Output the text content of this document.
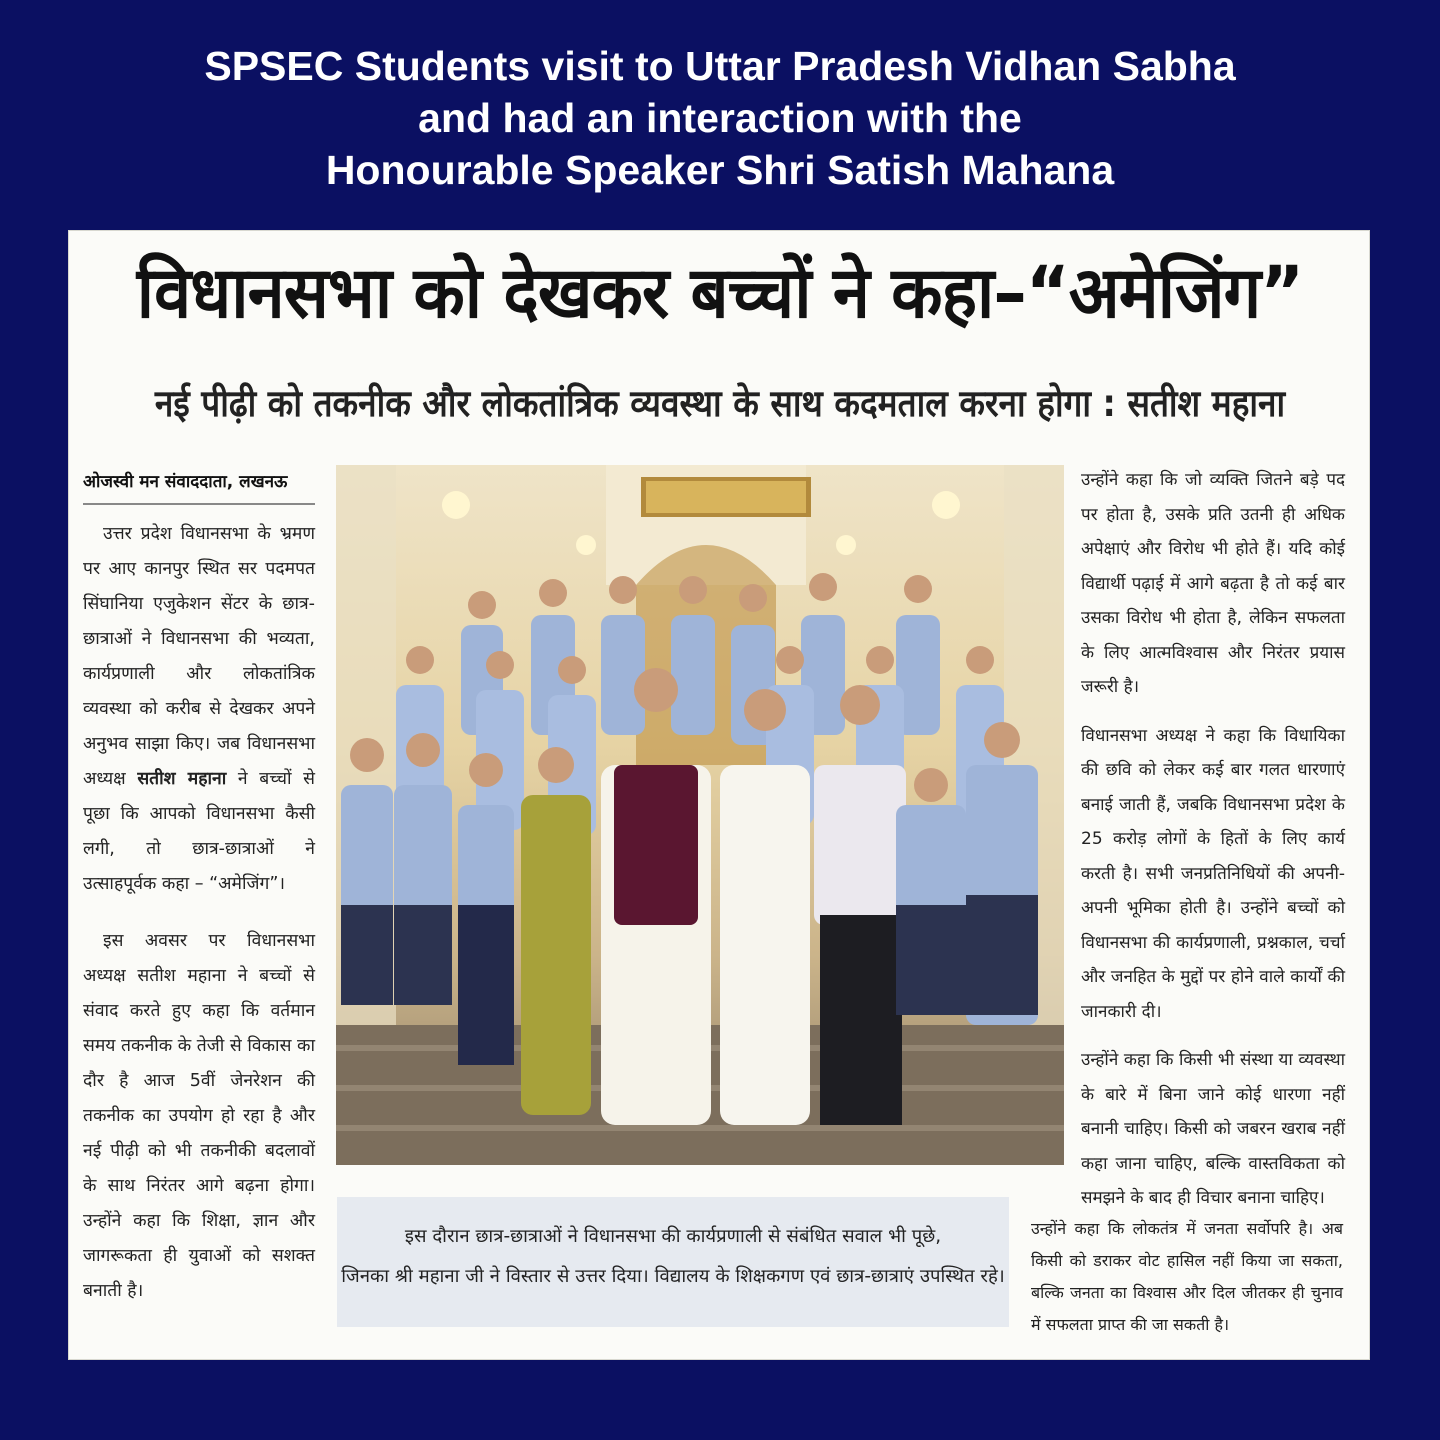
SPSEC Students visit to Uttar Pradesh Vidhan Sabha
and had an interaction with the
Honourable Speaker Shri Satish Mahana
विधानसभा को देखकर बच्चों ने कहा–“अमेजिंग”
नई पीढ़ी को तकनीक और लोकतांत्रिक व्यवस्था के साथ कदमताल करना होगा : सतीश महाना
ओजस्वी मन संवाददाता, लखनऊ

उत्तर प्रदेश विधानसभा के भ्रमण पर आए कानपुर स्थित सर पदमपत सिंघानिया एजुकेशन सेंटर के छात्र-छात्राओं ने विधानसभा की भव्यता, कार्यप्रणाली और लोकतांत्रिक व्यवस्था को करीब से देखकर अपने अनुभव साझा किए। जब विधानसभा अध्यक्ष सतीश महाना ने बच्चों से पूछा कि आपको विधानसभा कैसी लगी, तो छात्र-छात्राओं ने उत्साहपूर्वक कहा – “अमेजिंग”।

इस अवसर पर विधानसभा अध्यक्ष सतीश महाना ने बच्चों से संवाद करते हुए कहा कि वर्तमान समय तकनीक के तेजी से विकास का दौर है आज 5वीं जेनरेशन की तकनीक का उपयोग हो रहा है और नई पीढ़ी को भी तकनीकी बदलावों के साथ निरंतर आगे बढ़ना होगा। उन्होंने कहा कि शिक्षा, ज्ञान और जागरूकता ही युवाओं को सशक्त बनाती है।

उन्होंने कहा कि जो व्यक्ति जितने बड़े पद पर होता है, उसके प्रति उतनी ही अधिक अपेक्षाएं और विरोध भी होते हैं। यदि कोई विद्यार्थी पढ़ाई में आगे बढ़ता है तो कई बार उसका विरोध भी होता है, लेकिन सफलता के लिए आत्मविश्वास और निरंतर प्रयास जरूरी है।

विधानसभा अध्यक्ष ने कहा कि विधायिका की छवि को लेकर कई बार गलत धारणाएं बनाई जाती हैं, जबकि विधानसभा प्रदेश के 25 करोड़ लोगों के हितों के लिए कार्य करती है। सभी जनप्रतिनिधियों की अपनी-अपनी भूमिका होती है। उन्होंने बच्चों को विधानसभा की कार्यप्रणाली, प्रश्नकाल, चर्चा और जनहित के मुद्दों पर होने वाले कार्यों की जानकारी दी।

उन्होंने कहा कि किसी भी संस्था या व्यवस्था के बारे में बिना जाने कोई धारणा नहीं बनानी चाहिए। किसी को जबरन खराब नहीं कहा जाना चाहिए, बल्कि वास्तविकता को समझने के बाद ही विचार बनाना चाहिए।

उन्होंने कहा कि लोकतंत्र में जनता सर्वोपरि है। अब किसी को डराकर वोट हासिल नहीं किया जा सकता, बल्कि जनता का विश्वास और दिल जीतकर ही चुनाव में सफलता प्राप्त की जा सकती है।
इस दौरान छात्र-छात्राओं ने विधानसभा की कार्यप्रणाली से संबंधित सवाल भी पूछे,
जिनका श्री महाना जी ने विस्तार से उत्तर दिया। विद्यालय के शिक्षकगण एवं छात्र-छात्राएं उपस्थित रहे।
